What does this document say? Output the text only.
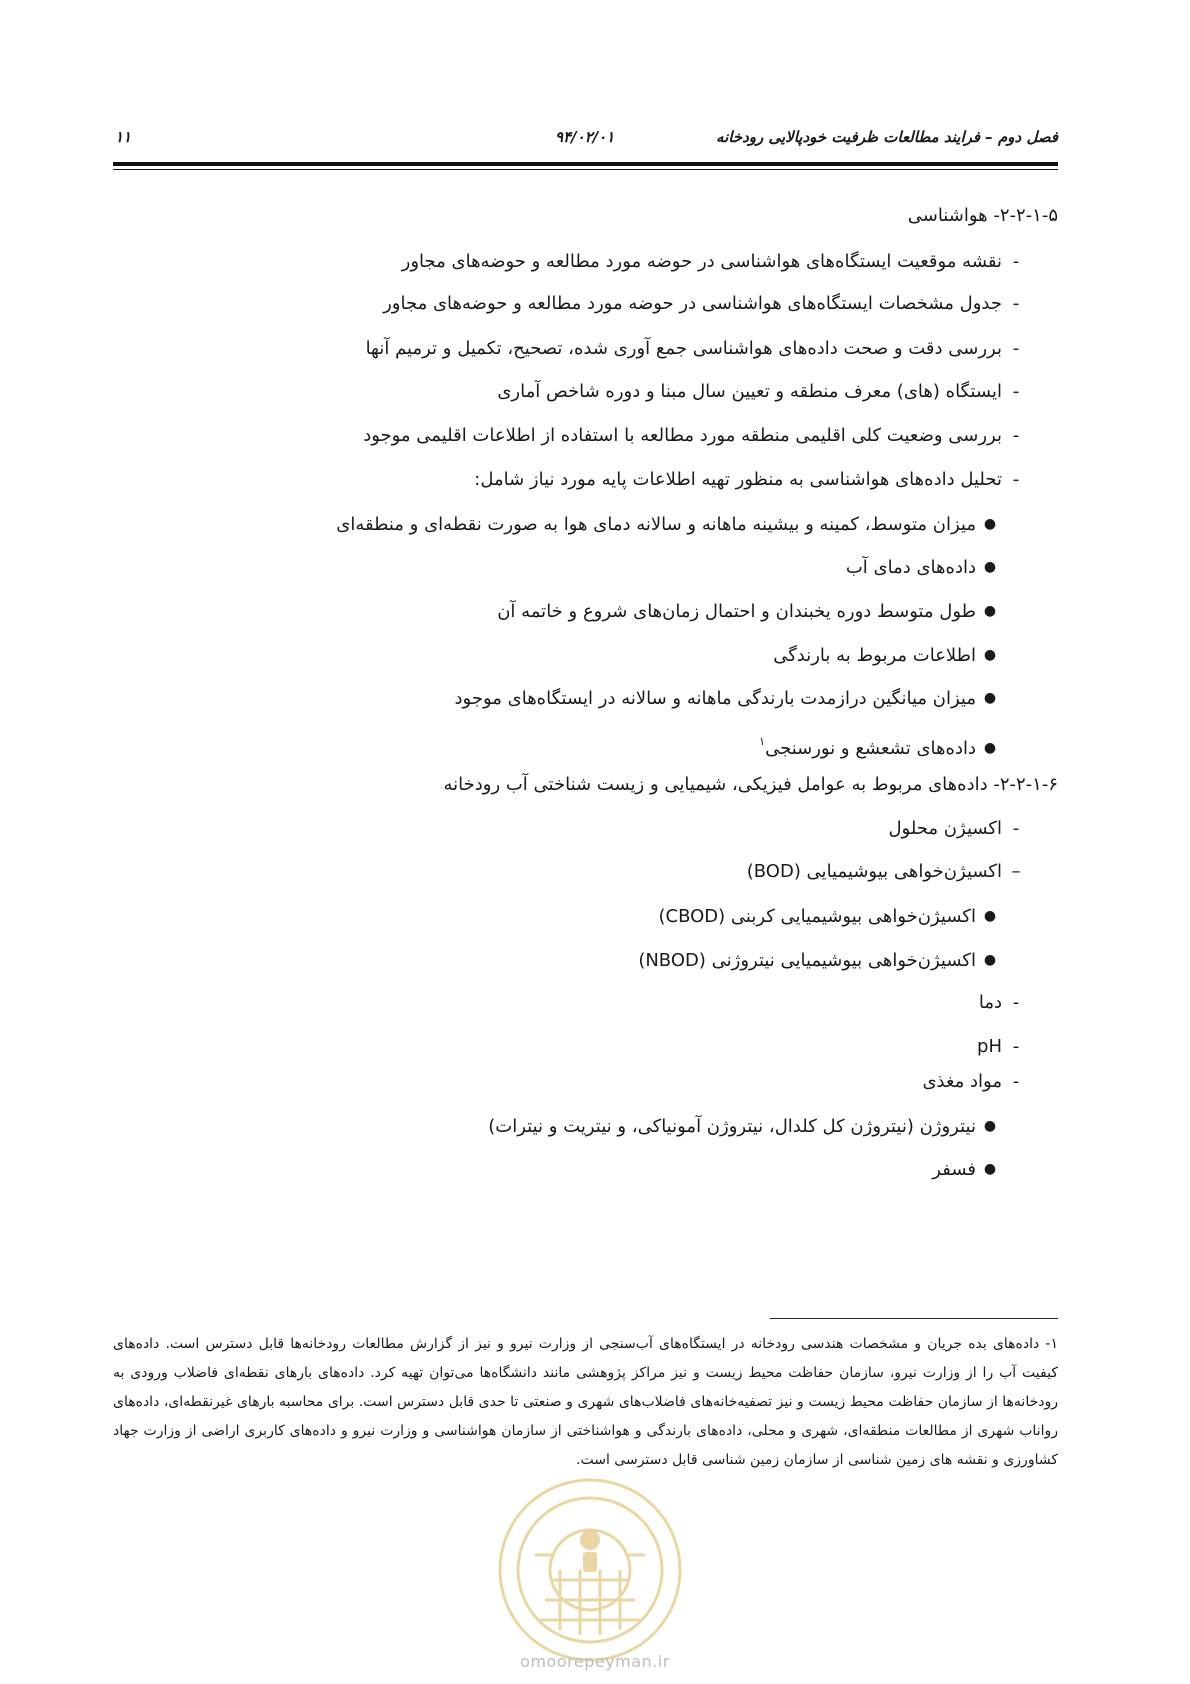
فصل دوم – فرایند مطالعات ظرفیت خودپالایی رودخانه
۹۴/۰۲/۰۱
۱۱
۲-۲-۱-۵- هواشناسی
-نقشه موقعیت ایستگاه‌های هواشناسی در حوضه مورد مطالعه و حوضه‌های مجاور
-جدول مشخصات ایستگاه‌های هواشناسی در حوضه مورد مطالعه و حوضه‌های مجاور
-بررسی دقت و صحت داده‌های هواشناسی جمع آوری شده، تصحیح، تکمیل و ترمیم آنها
-ایستگاه (های) معرف منطقه و تعیین سال مبنا و دوره شاخص آماری
-بررسی وضعیت کلی اقلیمی منطقه مورد مطالعه با استفاده از اطلاعات اقلیمی موجود
-تحلیل داده‌های هواشناسی به منظور تهیه اطلاعات پایه مورد نیاز شامل:
●میزان متوسط، کمینه و بیشینه ماهانه و سالانه دمای هوا به صورت نقطه‌ای و منطقه‌ای
●داده‌های دمای آب
●طول متوسط دوره یخبندان و احتمال زمان‌های شروع و خاتمه آن
●اطلاعات مربوط به بارندگی
●میزان میانگین درازمدت بارندگی ماهانه و سالانه در ایستگاه‌های موجود
●داده‌های تشعشع و نورسنجی$^۱$
۲-۲-۱-۶- داده‌های مربوط به عوامل فیزیکی، شیمیایی و زیست شناختی آب رودخانه
-اکسیژن محلول
–اکسیژن‌خواهی بیوشیمیایی (BOD)
●اکسیژن‌خواهی بیوشیمیایی کربنی (CBOD)
●اکسیژن‌خواهی بیوشیمیایی نیتروژنی (NBOD)
-دما
-pH
-مواد مغذی
●نیتروژن (نیتروژن کل کلدال، نیتروژن آمونیاکی، و نیتریت و نیترات)
●فسفر
۱- داده‌های بده جریان و مشخصات هندسی رودخانه در ایستگاه‌های آب‌سنجی از وزارت نیرو و نیز از گزارش مطالعات رودخانه‌ها قابل دسترس است. داده‌های کیفیت آب را از وزارت نیرو، سازمان حفاظت محیط زیست و نیز مراکز پژوهشی مانند دانشگاه‌ها می‌توان تهیه کرد. داده‌های بارهای نقطه‌ای فاضلاب ورودی به رودخانه‌ها از سازمان حفاظت محیط زیست و نیز تصفیه‌خانه‌های فاضلاب‌های شهری و صنعتی تا حدی قابل دسترس است. برای محاسبه بارهای غیرنقطه‌ای، داده‌های رواناب شهری از مطالعات منطقه‌ای، شهری و محلی، داده‌های بارندگی و هواشناختی از سازمان هواشناسی و وزارت نیرو و داده‌های کاربری اراضی از وزارت جهاد کشاورزی و نقشه های زمین شناسی از سازمان زمین شناسی قابل دسترسی است.
omoorepeyman.ir
